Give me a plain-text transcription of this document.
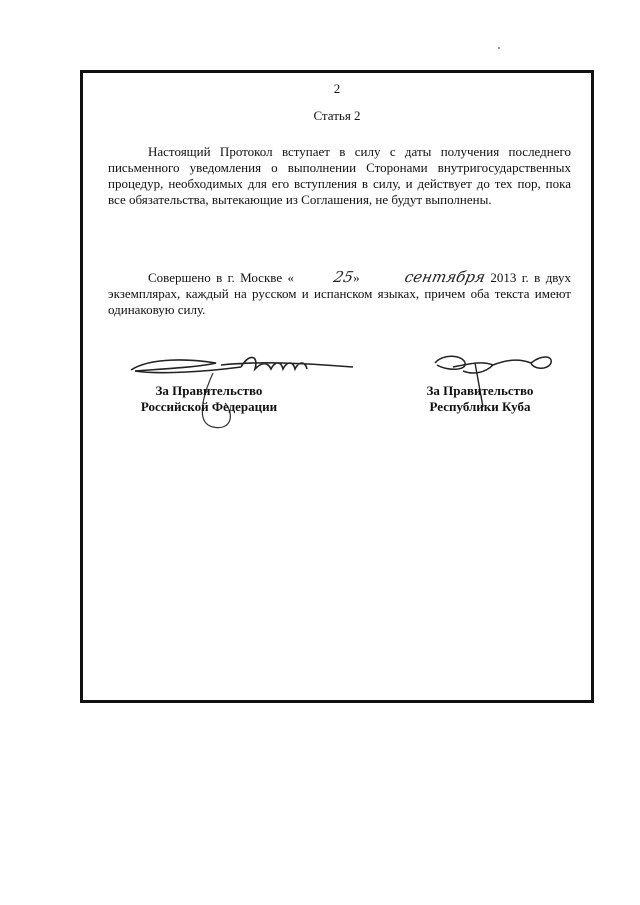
2
Статья 2

Настоящий Протокол вступает в силу с даты получения последнего письменного уведомления о выполнении Сторонами внутригосударственных процедур, необходимых для его вступления в силу, и действует до тех пор, пока все обязательства, вытекающие из Соглашения, не будут выполнены.

Совершено в г. Москве «	25»	сентября 2013 г. в двух экземплярах, каждый на русском и испанском языках, причем оба текста имеют одинаковую силу.

За Правительство
Российской Федерации
За Правительство
Республики Куба
